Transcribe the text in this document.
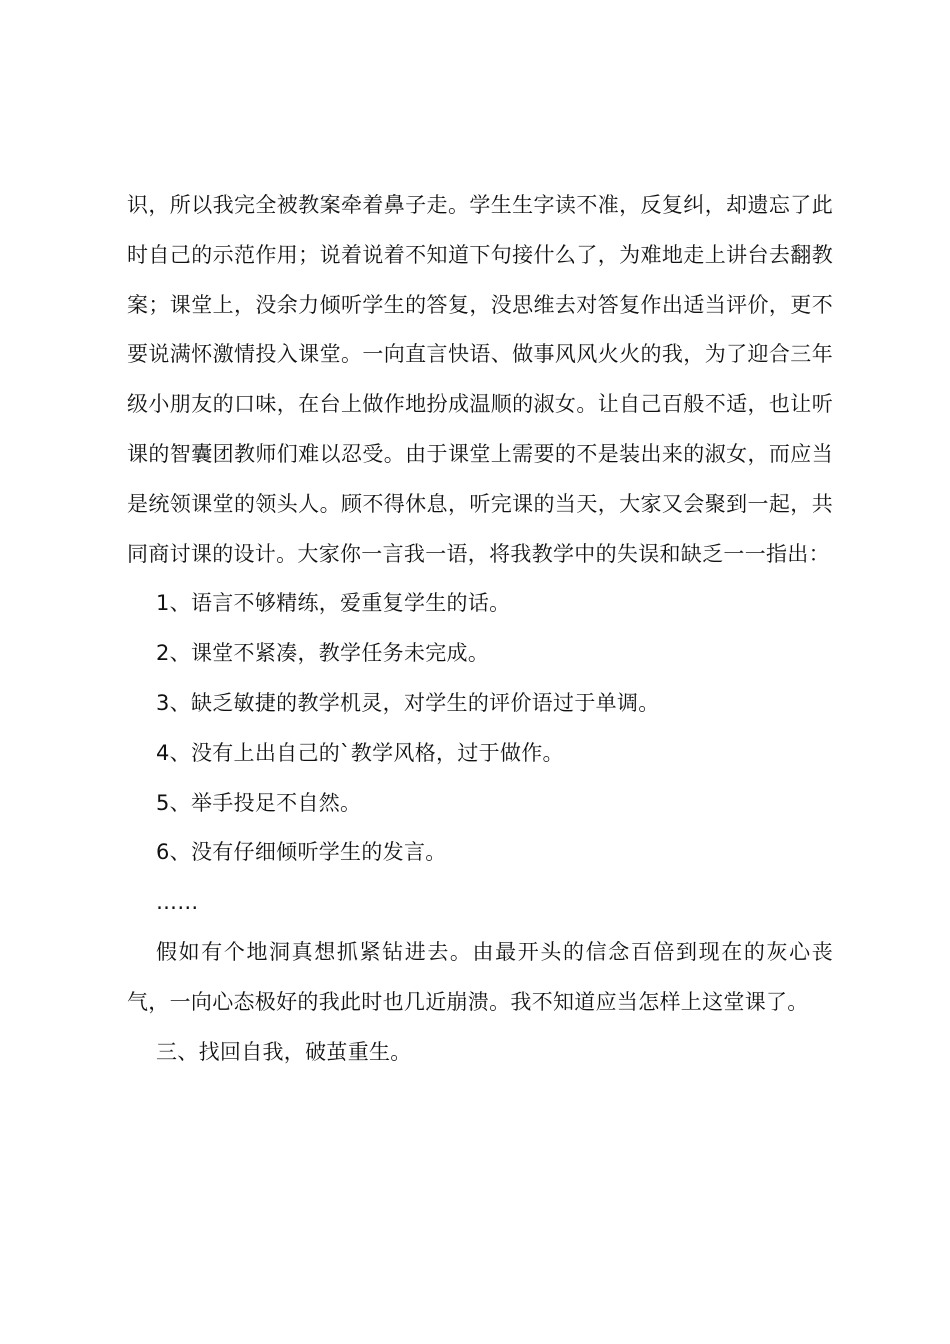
识，所以我完全被教案牵着鼻子走。学生生字读不准，反复纠，却遗忘了此时自己的示范作用；说着说着不知道下句接什么了，为难地走上讲台去翻教案；课堂上，没余力倾听学生的答复，没思维去对答复作出适当评价，更不要说满怀激情投入课堂。一向直言快语、做事风风火火的我，为了迎合三年级小朋友的口味，在台上做作地扮成温顺的淑女。让自己百般不适，也让听课的智囊团教师们难以忍受。由于课堂上需要的不是装出来的淑女，而应当是统领课堂的领头人。顾不得休息，听完课的当天，大家又会聚到一起，共同商讨课的设计。大家你一言我一语，将我教学中的失误和缺乏一一指出：

1、语言不够精练，爱重复学生的话。

2、课堂不紧凑，教学任务未完成。

3、缺乏敏捷的教学机灵，对学生的评价语过于单调。

4、没有上出自己的`教学风格，过于做作。

5、举手投足不自然。

6、没有仔细倾听学生的发言。

……

假如有个地洞真想抓紧钻进去。由最开头的信念百倍到现在的灰心丧气，一向心态极好的我此时也几近崩溃。我不知道应当怎样上这堂课了。

三、找回自我，破茧重生。
